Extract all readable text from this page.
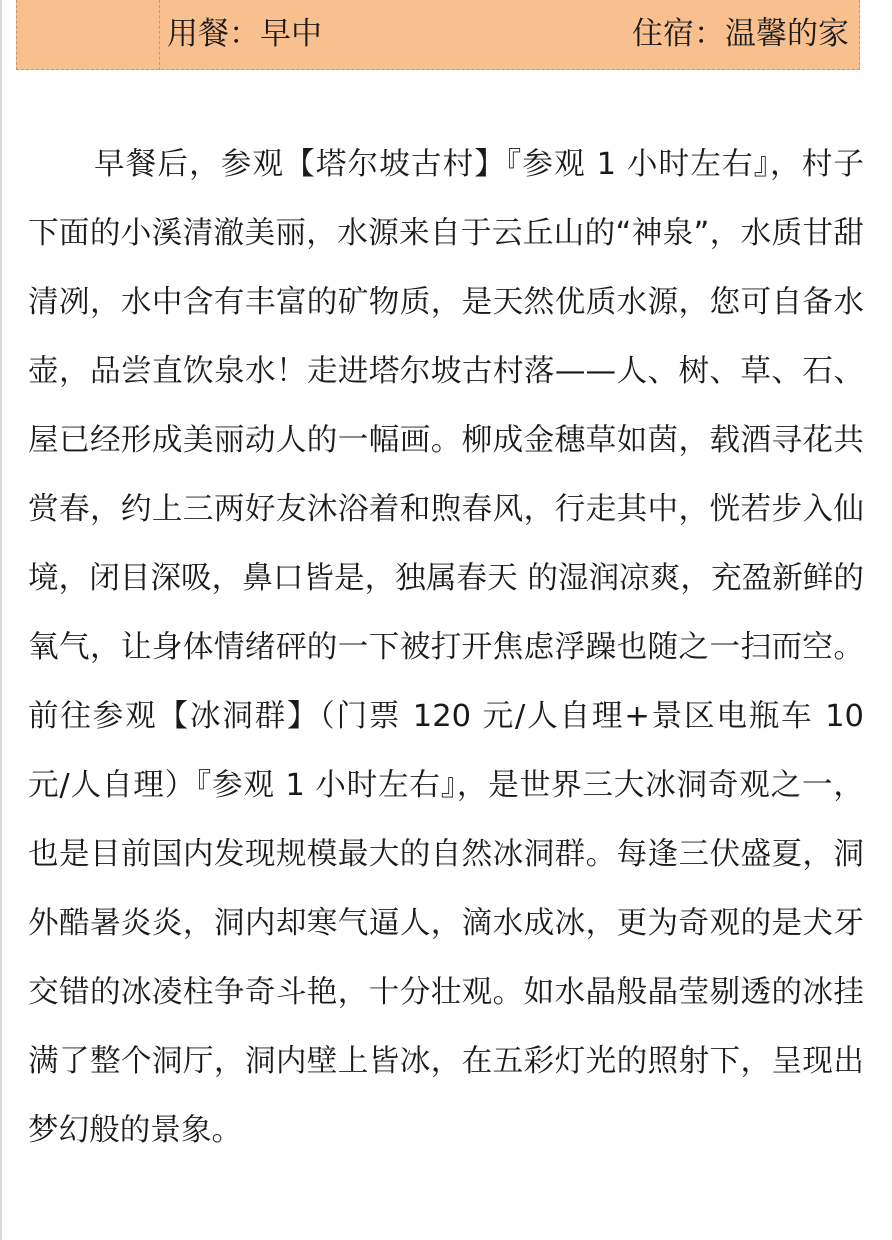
用餐：早中	住宿：温馨的家

早餐后，参观【塔尔坡古村】『参观 1 小时左右』，村子下面的小溪清澈美丽，水源来自于云丘山的“神泉”，水质甘甜清冽，水中含有丰富的矿物质，是天然优质水源，您可自备水壶，品尝直饮泉水！走进塔尔坡古村落——人、树、草、石、屋已经形成美丽动人的一幅画。柳成金穗草如茵，载酒寻花共赏春，约上三两好友沐浴着和煦春风，行走其中，恍若步入仙境，闭目深吸，鼻口皆是，独属春天 的湿润凉爽，充盈新鲜的氧气，让身体情绪砰的一下被打开焦虑浮躁也随之一扫而空。前往参观【冰洞群】（门票 120 元/人自理+景区电瓶车 10 元/人自理）『参观 1 小时左右』，是世界三大冰洞奇观之一，也是目前国内发现规模最大的自然冰洞群。每逢三伏盛夏，洞外酷暑炎炎，洞内却寒气逼人，滴水成冰，更为奇观的是犬牙交错的冰凌柱争奇斗艳，十分壮观。如水晶般晶莹剔透的冰挂满了整个洞厅，洞内壁上皆冰，在五彩灯光的照射下，呈现出梦幻般的景象。
